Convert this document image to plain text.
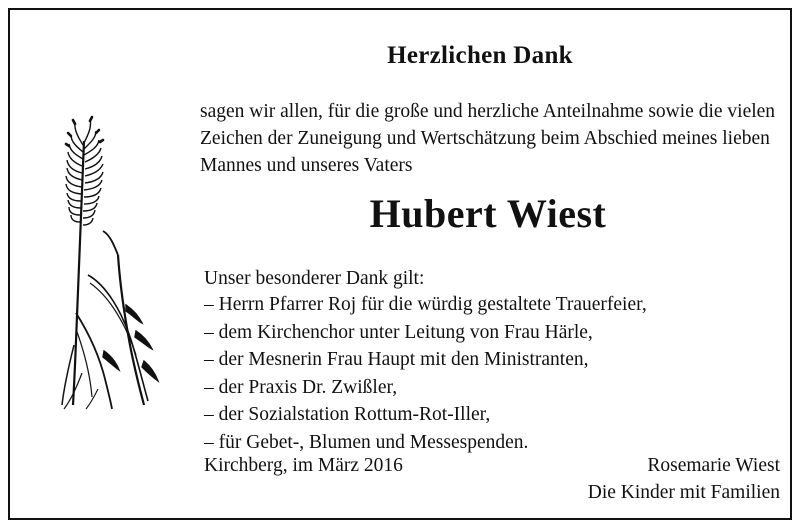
Herzlichen Dank
sagen wir allen, für die große und herzliche Anteilnahme sowie die vielen Zeichen der Zuneigung und Wertschätzung beim Abschied meines lieben Mannes und unseres Vaters
Hubert Wiest
Unser besonderer Dank gilt:
– Herrn Pfarrer Roj für die würdig gestaltete Trauerfeier,
– dem Kirchenchor unter Leitung von Frau Härle,
– der Mesnerin Frau Haupt mit den Ministranten,
– der Praxis Dr. Zwißler,
– der Sozialstation Rottum-Rot-Iller,
– für Gebet-, Blumen und Messespenden.
Kirchberg, im März 2016	Rosemarie Wiest
Die Kinder mit Familien
